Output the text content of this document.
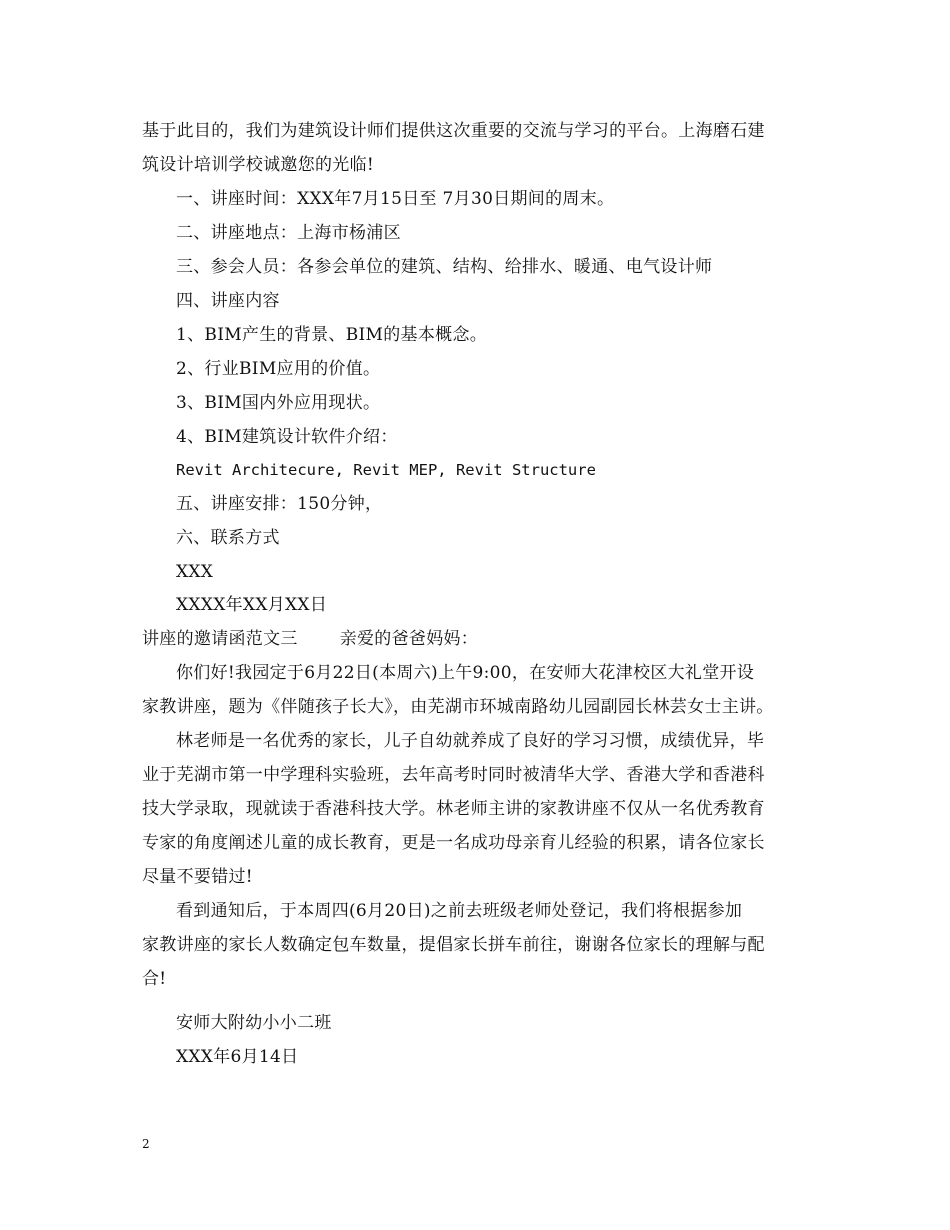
基于此目的，我们为建筑设计师们提供这次重要的交流与学习的平台。上海磨石建
筑设计培训学校诚邀您的光临!
一、讲座时间：XXX年7月15日至 7月30日期间的周末。
二、讲座地点：上海市杨浦区
三、参会人员：各参会单位的建筑、结构、给排水、暖通、电气设计师
四、讲座内容
1、BIM产生的背景、BIM的基本概念。
2、行业BIM应用的价值。
3、BIM国内外应用现状。
4、BIM建筑设计软件介绍：
Revit Architecure, Revit MEP, Revit Structure
五、讲座安排：150分钟，
六、联系方式
XXX
XXXX年XX月XX日
讲座的邀请函范文三 亲爱的爸爸妈妈：
你们好!我园定于6月22日(本周六)上午9:00，在安师大花津校区大礼堂开设
家教讲座，题为《伴随孩子长大》，由芜湖市环城南路幼儿园副园长林芸女士主讲。
林老师是一名优秀的家长，儿子自幼就养成了良好的学习习惯，成绩优异，毕
业于芜湖市第一中学理科实验班，去年高考时同时被清华大学、香港大学和香港科
技大学录取，现就读于香港科技大学。林老师主讲的家教讲座不仅从一名优秀教育
专家的角度阐述儿童的成长教育，更是一名成功母亲育儿经验的积累，请各位家长
尽量不要错过!
看到通知后，于本周四(6月20日)之前去班级老师处登记，我们将根据参加
家教讲座的家长人数确定包车数量，提倡家长拼车前往，谢谢各位家长的理解与配
合!
安师大附幼小小二班
XXX年6月14日
2
